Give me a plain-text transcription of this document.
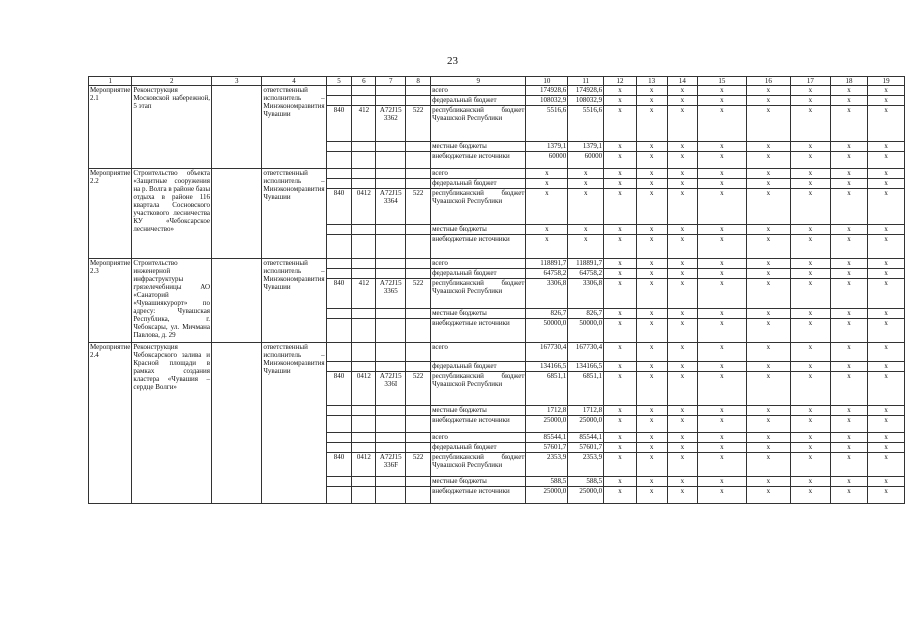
23
1	2	3	4	5	6	7	8	9	10	11	12	13	14	15	16	17	18	19
Мероприятие 2.1	Реконструкция Московской набережной, 5 этап		ответственный исполнитель – Минэкономразвития Чувашии					всего	174928,6	174928,6	x	x	x	x	x	x	x	x
								федеральный бюджет	108032,9	108032,9	x	x	x	x	x	x	x	x
				840	412	A72J15 3362	522	республиканский бюджет Чувашской Республики	5516,6	5516,6	x	x	x	x	x	x	x	x
								местные бюджеты	1379,1	1379,1	x	x	x	x	x	x	x	x
								внебюджетные источники	60000	60000	x	x	x	x	x	x	x	x
Мероприятие 2.2	Строительство объекта «Защитные сооружения на р. Волга в районе базы отдыха в районе 116 квартала Сосновского участкового лесничества КУ «Чебоксарское лесничество»		ответственный исполнитель – Минэкономразвития Чувашии					всего	x	x	x	x	x	x	x	x	x	x
								федеральный бюджет	x	x	x	x	x	x	x	x	x	x
				840	0412	A72J15 3364	522	республиканский бюджет Чувашской Республики	x	x	x	x	x	x	x	x	x	x
								местные бюджеты	x	x	x	x	x	x	x	x	x	x
								внебюджетные источники	x	x	x	x	x	x	x	x	x	x
Мероприятие 2.3	Строительство инженерной инфраструктуры грязелечебницы АО «Санаторий «Чувашиякурорт» по адресу: Чувашская Республика, г. Чебоксары, ул. Мичмана Павлова, д. 29		ответственный исполнитель – Минэкономразвития Чувашии					всего	118891,7	118891,7	x	x	x	x	x	x	x	x
								федеральный бюджет	64758,2	64758,2	x	x	x	x	x	x	x	x
				840	412	A72J15 3365	522	республиканский бюджет Чувашской Республики	3306,8	3306,8	x	x	x	x	x	x	x	x
								местные бюджеты	826,7	826,7	x	x	x	x	x	x	x	x
								внебюджетные источники	50000,0	50000,0	x	x	x	x	x	x	x	x
Мероприятие 2.4	Реконструкция Чебоксарского залива и Красной площади в рамках создания кластера «Чувашия – сердце Волги»		ответственный исполнитель – Минэкономразвития Чувашии					всего	167730,4	167730,4	x	x	x	x	x	x	x	x
								федеральный бюджет	134166,5	134166,5	x	x	x	x	x	x	x	x
				840	0412	A72J15 336I	522	республиканский бюджет Чувашской Республики	6851,1	6851,1	x	x	x	x	x	x	x	x
								местные бюджеты	1712,8	1712,8	x	x	x	x	x	x	x	x
								внебюджетные источники	25000,0	25000,0	x	x	x	x	x	x	x	x
								всего	85544,1	85544,1	x	x	x	x	x	x	x	x
								федеральный бюджет	57601,7	57601,7	x	x	x	x	x	x	x	x
				840	0412	A72J15 336F	522	республиканский бюджет Чувашской Республики	2353,9	2353,9	x	x	x	x	x	x	x	x
								местные бюджеты	588,5	588,5	x	x	x	x	x	x	x	x
								внебюджетные источники	25000,0	25000,0	x	x	x	x	x	x	x	x
